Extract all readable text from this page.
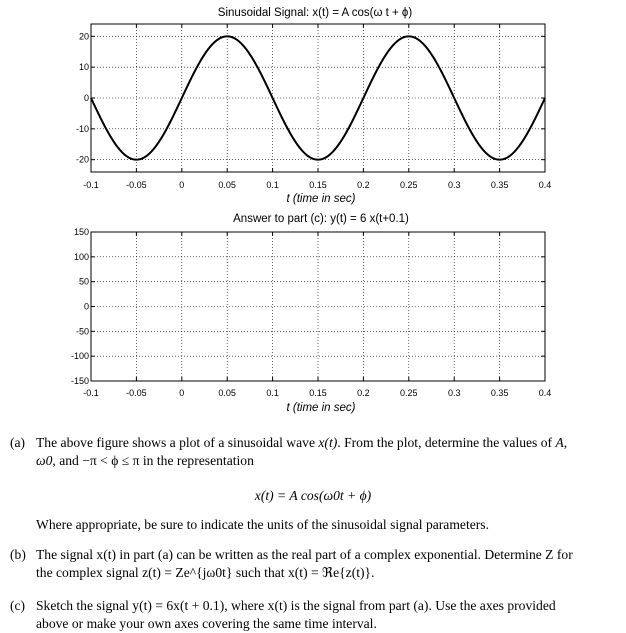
Sinusoidal Signal: x(t) = A cos(ω t + ϕ)
-0.1	-0.05	0	0.05	0.1	0.15	0.2	0.25	0.3	0.35	0.4
20
10
0
-10
-20
t (time in sec)
Answer to part (c): y(t) = 6 x(t+0.1)
-0.1	-0.05	0	0.05	0.1	0.15	0.2	0.25	0.3	0.35	0.4
150
100
50
0
-50
-100
-150
t (time in sec)
(a) The above figure shows a plot of a sinusoidal wave x(t). From the plot, determine the values of A,
ω0, and −π < ϕ ≤ π in the representation
x(t) = A cos(ω0t + ϕ)
Where appropriate, be sure to indicate the units of the sinusoidal signal parameters.
(b) The signal x(t) in part (a) can be written as the real part of a complex exponential. Determine Z for
the complex signal z(t) = Ze^{jω0t} such that x(t) = ℜe{z(t)}.
(c) Sketch the signal y(t) = 6x(t + 0.1), where x(t) is the signal from part (a). Use the axes provided
above or make your own axes covering the same time interval.
